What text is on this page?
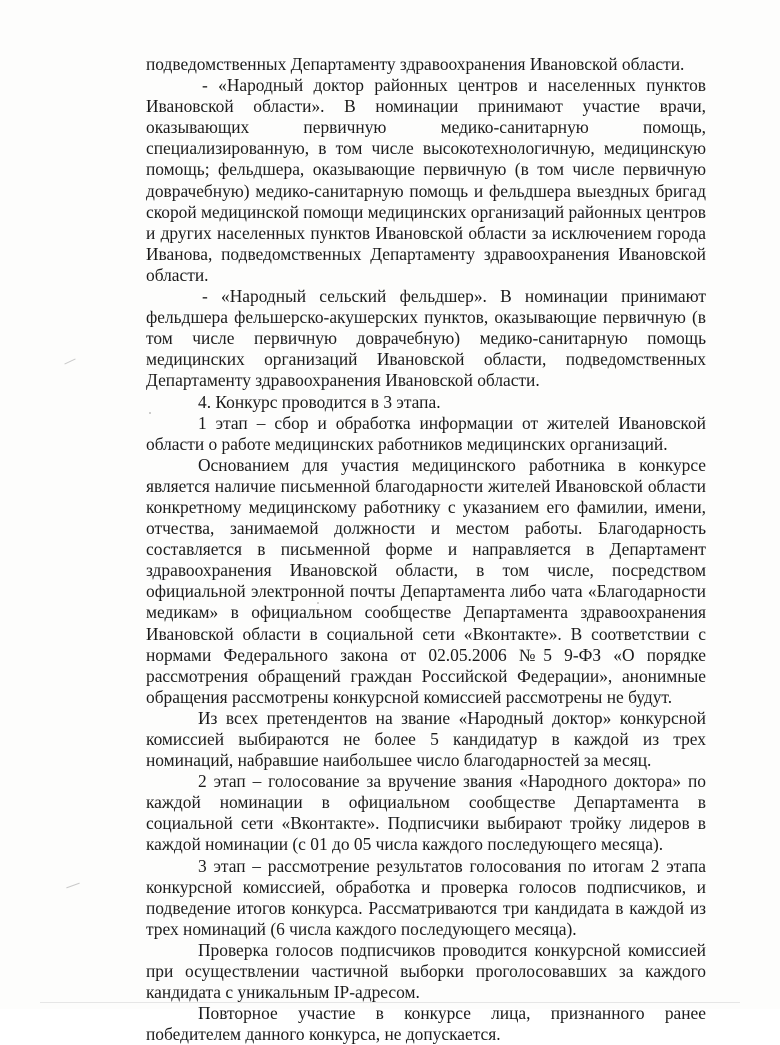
подведомственных Департаменту здравоохранения Ивановской области.

- «Народный доктор районных центров и населенных пунктов Ивановской области». В номинации принимают участие врачи, оказывающих первичную медико-санитарную помощь, специализированную, в том числе высокотехнологичную, медицинскую помощь; фельдшера, оказывающие первичную (в том числе первичную доврачебную) медико-санитарную помощь и фельдшера выездных бригад скорой медицинской помощи медицинских организаций районных центров и других населенных пунктов Ивановской области за исключением города Иванова, подведомственных Департаменту здравоохранения Ивановской области.

- «Народный сельский фельдшер». В номинации принимают фельдшера фельшерско-акушерских пунктов, оказывающие первичную (в том числе первичную доврачебную) медико-санитарную помощь медицинских организаций Ивановской области, подведомственных Департаменту здравоохранения Ивановской области.

4. Конкурс проводится в 3 этапа.

1 этап – сбор и обработка информации от жителей Ивановской области о работе медицинских работников медицинских организаций.

Основанием для участия медицинского работника в конкурсе является наличие письменной благодарности жителей Ивановской области конкретному медицинскому работнику с указанием его фамилии, имени, отчества, занимаемой должности и местом работы. Благодарность составляется в письменной форме и направляется в Департамент здравоохранения Ивановской области, в том числе, посредством официальной электронной почты Департамента либо чата «Благодарности медикам» в официальном сообществе Департамента здравоохранения Ивановской области в социальной сети «Вконтакте». В соответствии с нормами Федерального закона от 02.05.2006 №5 9-ФЗ «О порядке рассмотрения обращений граждан Российской Федерации», анонимные обращения рассмотрены конкурсной комиссией рассмотрены не будут.

Из всех претендентов на звание «Народный доктор» конкурсной комиссией выбираются не более 5 кандидатур в каждой из трех номинаций, набравшие наибольшее число благодарностей за месяц.

2 этап – голосование за вручение звания «Народного доктора» по каждой номинации в официальном сообществе Департамента в социальной сети «Вконтакте». Подписчики выбирают тройку лидеров в каждой номинации (с 01 до 05 числа каждого последующего месяца).

3 этап – рассмотрение результатов голосования по итогам 2 этапа конкурсной комиссией, обработка и проверка голосов подписчиков, и подведение итогов конкурса. Рассматриваются три кандидата в каждой из трех номинаций (6 числа каждого последующего месяца).

Проверка голосов подписчиков проводится конкурсной комиссией при осуществлении частичной выборки проголосовавших за каждого кандидата с уникальным IP-адресом.

Повторное участие в конкурсе лица, признанного ранее победителем данного конкурса, не допускается.
